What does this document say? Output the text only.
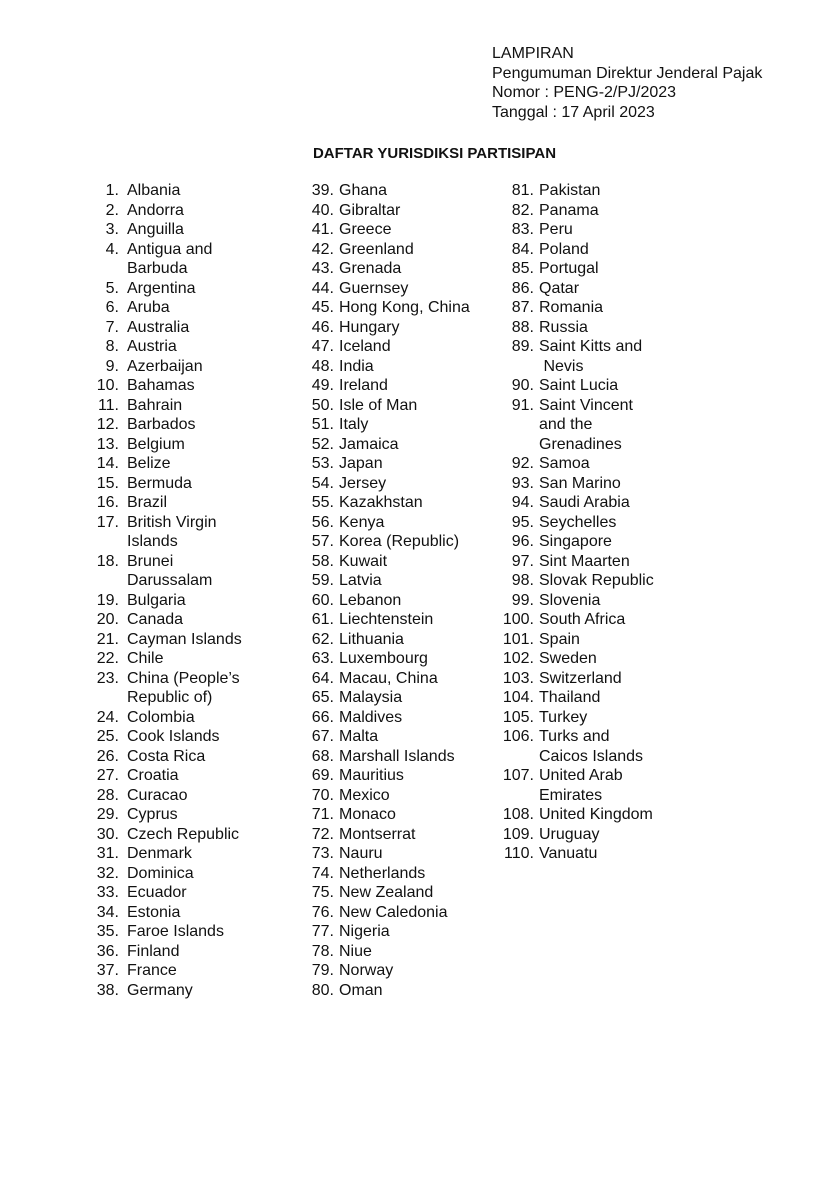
LAMPIRAN
Pengumuman Direktur Jenderal Pajak
Nomor : PENG-2/PJ/2023
Tanggal : 17 April 2023
DAFTAR YURISDIKSI PARTISIPAN
1. Albania
2. Andorra
3. Anguilla
4. Antigua and
Barbuda
5. Argentina
6. Aruba
7. Australia
8. Austria
9. Azerbaijan
10. Bahamas
11. Bahrain
12. Barbados
13. Belgium
14. Belize
15. Bermuda
16. Brazil
17. British Virgin
Islands
18. Brunei
Darussalam
19. Bulgaria
20. Canada
21. Cayman Islands
22. Chile
23. China (People’s
Republic of)
24. Colombia
25. Cook Islands
26. Costa Rica
27. Croatia
28. Curacao
29. Cyprus
30. Czech Republic
31. Denmark
32. Dominica
33. Ecuador
34. Estonia
35. Faroe Islands
36. Finland
37. France
38. Germany
39. Ghana
40. Gibraltar
41. Greece
42. Greenland
43. Grenada
44. Guernsey
45. Hong Kong, China
46. Hungary
47. Iceland
48. India
49. Ireland
50. Isle of Man
51. Italy
52. Jamaica
53. Japan
54. Jersey
55. Kazakhstan
56. Kenya
57. Korea (Republic)
58. Kuwait
59. Latvia
60. Lebanon
61. Liechtenstein
62. Lithuania
63. Luxembourg
64. Macau, China
65. Malaysia
66. Maldives
67. Malta
68. Marshall Islands
69. Mauritius
70. Mexico
71. Monaco
72. Montserrat
73. Nauru
74. Netherlands
75. New Zealand
76. New Caledonia
77. Nigeria
78. Niue
79. Norway
80. Oman
81. Pakistan
82. Panama
83. Peru
84. Poland
85. Portugal
86. Qatar
87. Romania
88. Russia
89. Saint Kitts and
Nevis
90. Saint Lucia
91. Saint Vincent
and the
Grenadines
92. Samoa
93. San Marino
94. Saudi Arabia
95. Seychelles
96. Singapore
97. Sint Maarten
98. Slovak Republic
99. Slovenia
100. South Africa
101. Spain
102. Sweden
103. Switzerland
104. Thailand
105. Turkey
106. Turks and
Caicos Islands
107. United Arab
Emirates
108. United Kingdom
109. Uruguay
110. Vanuatu
